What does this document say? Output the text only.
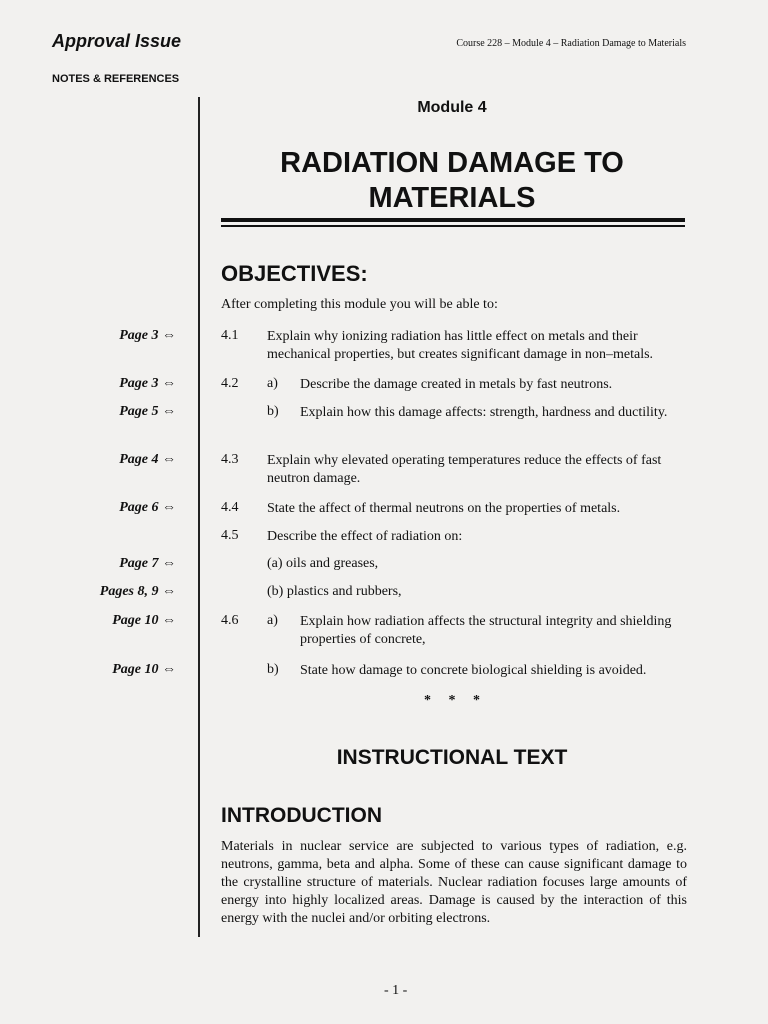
Approval Issue	Course 228 – Module 4 – Radiation Damage to Materials
NOTES & REFERENCES
Module 4
RADIATION DAMAGE TO
MATERIALS
OBJECTIVES:
After completing this module you will be able to:
Page 3 ⇔
Page 3 ⇔
Page 5 ⇔
Page 4 ⇔
Page 6 ⇔
Page 7 ⇔
Pages 8, 9 ⇔
Page 10 ⇔
Page 10 ⇔
4.1 Explain why ionizing radiation has little effect on metals and their mechanical properties, but creates significant damage in non–metals.
4.2 a) Describe the damage created in metals by fast neutrons.
b) Explain how this damage affects: strength, hardness and ductility.
4.3 Explain why elevated operating temperatures reduce the effects of fast neutron damage.
4.4 State the affect of thermal neutrons on the properties of metals.
4.5 Describe the effect of radiation on:
(a) oils and greases,
(b) plastics and rubbers,
4.6 a) Explain how radiation affects the structural integrity and shielding properties of concrete,
b) State how damage to concrete biological shielding is avoided.
* * *
INSTRUCTIONAL TEXT
INTRODUCTION
Materials in nuclear service are subjected to various types of radiation, e.g. neutrons, gamma, beta and alpha. Some of these can cause significant damage to the crystalline structure of materials. Nuclear radiation focuses large amounts of energy into highly localized areas. Damage is caused by the interaction of this energy with the nuclei and/or orbiting electrons.
- 1 -
